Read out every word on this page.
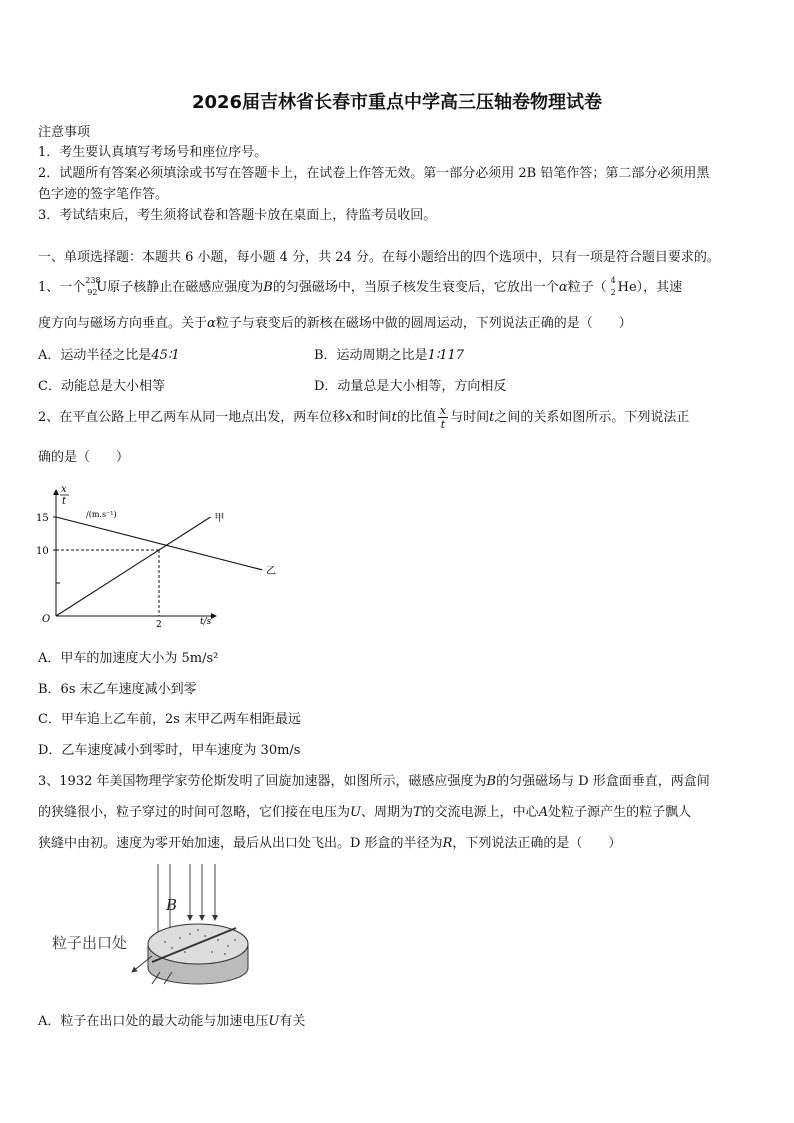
2026届吉林省长春市重点中学高三压轴卷物理试卷
注意事项
1．考生要认真填写考场号和座位序号。
2．试题所有答案必须填涂或书写在答题卡上，在试卷上作答无效。第一部分必须用 2B 铅笔作答；第二部分必须用黑
色字迹的签字笔作答。
3．考试结束后，考生须将试卷和答题卡放在桌面上，待监考员收回。
一、单项选择题：本题共 6 小题，每小题 4 分，共 24 分。在每小题给出的四个选项中，只有一项是符合题目要求的。
1、一个 238
92
U 原子核静止在磁感应强度为B的匀强磁场中，当原子核发生衰变后，它放出一个α粒子（ 4
2 He ），其速
度方向与磁场方向垂直。关于α粒子与衰变后的新核在磁场中做的圆周运动，下列说法正确的是（　　）
A．运动半径之比是45∶1	B．运动周期之比是1∶117
C．动能总是大小相等	D．动量总是大小相等，方向相反
2、在平直公路上甲乙两车从同一地点出发，两车位移x和时间t的比值 $\frac{x}{t}$ 与时间t之间的关系如图所示。下列说法正
确的是（　　）
15
10
2
甲
乙
x
t
/(m.s⁻¹)
t/s
O
A．甲车的加速度大小为 5m/s²
B．6s 末乙车速度减小到零
C．甲车追上乙车前，2s 末甲乙两车相距最远
D．乙车速度减小到零时，甲车速度为 30m/s
3、1932 年美国物理学家劳伦斯发明了回旋加速器，如图所示，磁感应强度为B的匀强磁场与 D 形盒面垂直，两盒间
的狭缝很小，粒子穿过的时间可忽略，它们接在电压为U、周期为T的交流电源上，中心A处粒子源产生的粒子飘人
狭缝中由初。速度为零开始加速，最后从出口处飞出。D 形盒的半径为R，下列说法正确的是（　　）
粒子出口处
B
A．粒子在出口处的最大动能与加速电压U有关
